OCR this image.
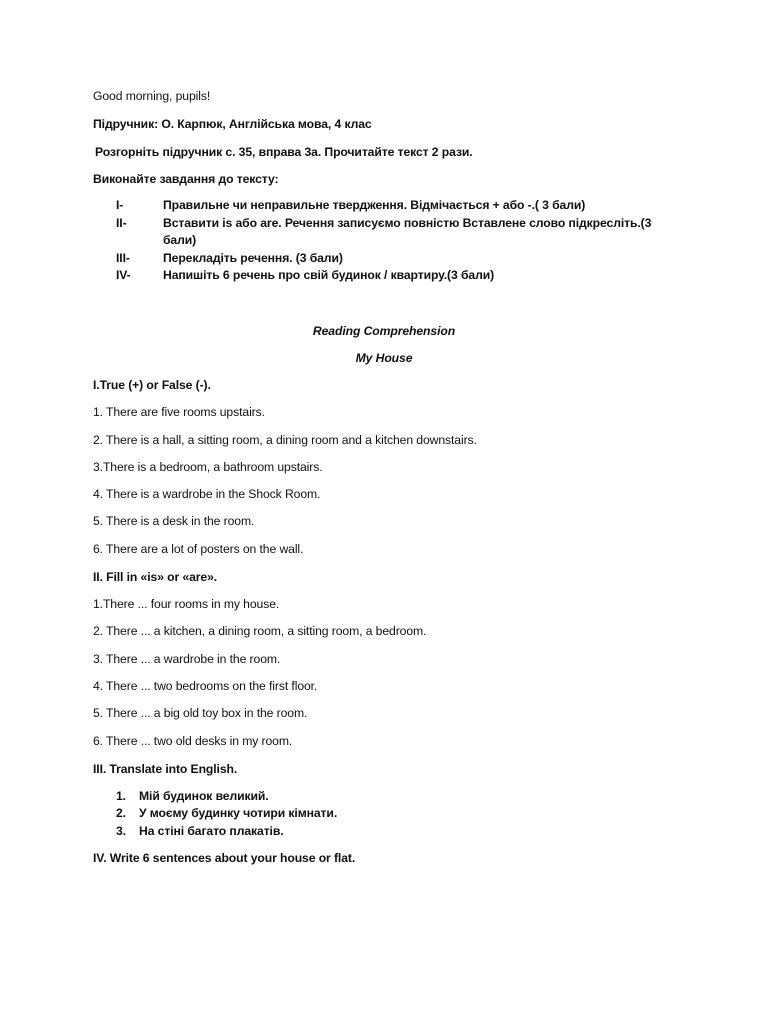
Good morning, pupils!
Підручник: О. Карпюк, Англійська мова, 4 клас
Розгорніть підручник с. 35, вправа 3а. Прочитайте текст 2 рази.
Виконайте завдання до тексту:
I-	Правильне чи неправильне твердження. Відмічається + або -.( 3 бали)
II-	Вставити is або are. Речення записуємо повністю Вставлене слово підкресліть.(3 бали)
III-	Перекладіть речення. (3 бали)
IV-	Напишіть 6 речень про свій будинок / квартиру.(3 бали)
Reading Comprehension
My House
I.True (+) or False (-).
1. There are five rooms upstairs.
2. There is a hall, a sitting room, a dining room and a kitchen downstairs.
3.There is a bedroom, a bathroom upstairs.
4. There is a wardrobe in the Shock Room.
5. There is a desk in the room.
6. There are a lot of posters on the wall.
II. Fill in «is» or «are».
1.There ... four rooms in my house.
2. There ... a kitchen, a dining room, a sitting room, a bedroom.
3. There ... a wardrobe in the room.
4. There ... two bedrooms on the first floor.
5. There ... a big old toy box in the room.
6. There ... two old desks in my room.
III. Translate into English.
1. Мій будинок великий.
2. У моєму будинку чотири кімнати.
3. На стіні багато плакатів.
IV. Write 6 sentences about your house or flat.
